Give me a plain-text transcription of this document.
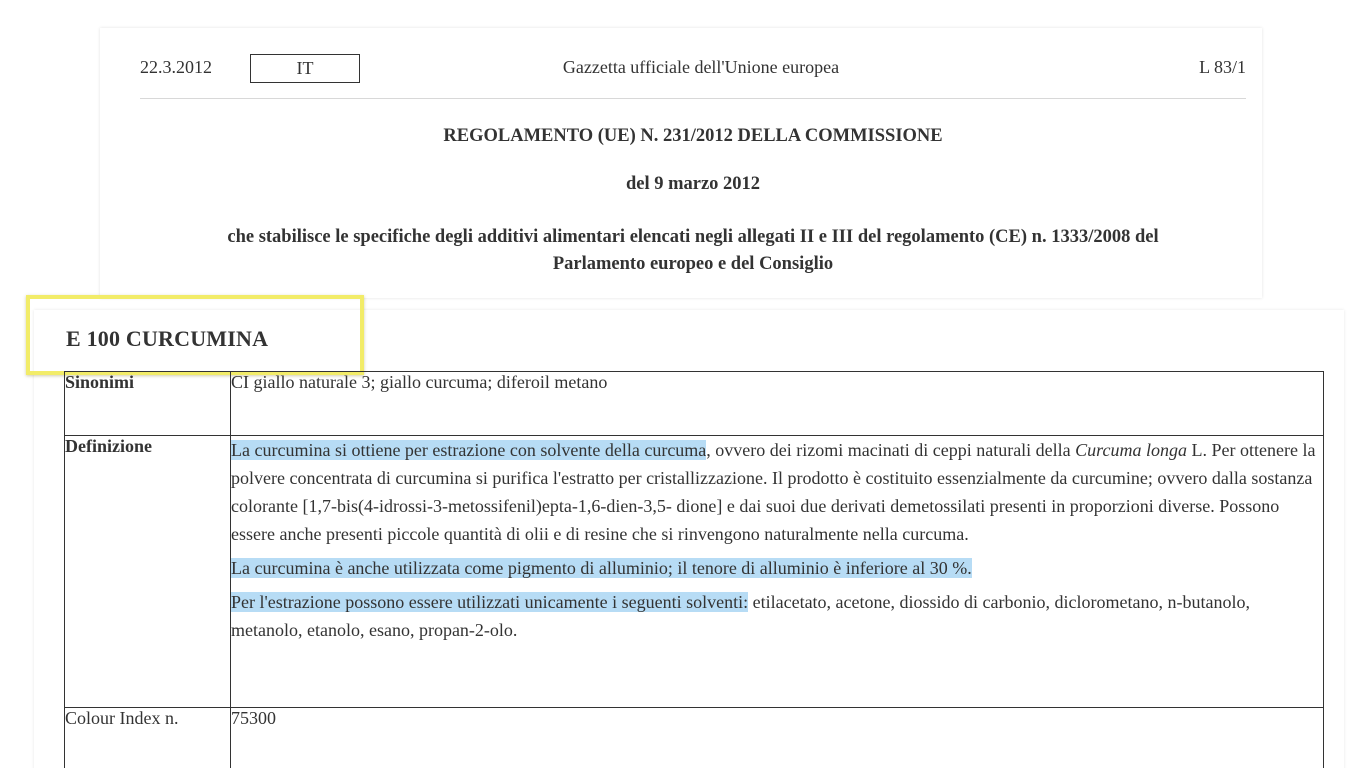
22.3.2012	IT	Gazzetta ufficiale dell'Unione europea	L 83/1
REGOLAMENTO (UE) N. 231/2012 DELLA COMMISSIONE
del 9 marzo 2012
che stabilisce le specifiche degli additivi alimentari elencati negli allegati II e III del regolamento (CE) n. 1333/2008 del
Parlamento europeo e del Consiglio
E 100 CURCUMINA
Sinonimi	CI giallo naturale 3; giallo curcuma; diferoil metano
Definizione	La curcumina si ottiene per estrazione con solvente della curcuma, ovvero dei rizomi macinati di ceppi naturali della Curcuma longa L. Per ottenere la polvere concentrata di curcumina si purifica l'estratto per cristallizzazione. Il prodotto è costituito essenzialmente da curcumine; ovvero dalla sostanza colorante [1,7-bis(4-idrossi-3-metossifenil)epta-1,6-dien-3,5- dione] e dai suoi due derivati demetossilati presenti in proporzioni diverse. Possono essere anche presenti piccole quantità di olii e di resine che si rinvengono naturalmente nella curcuma.

La curcumina è anche utilizzata come pigmento di alluminio; il tenore di alluminio è inferiore al 30 %.

Per l'estrazione possono essere utilizzati unicamente i seguenti solventi: etilacetato, acetone, diossido di carbonio, diclorometano, n-butanolo, metanolo, etanolo, esano, propan-2-olo.

Colour Index n.	75300
